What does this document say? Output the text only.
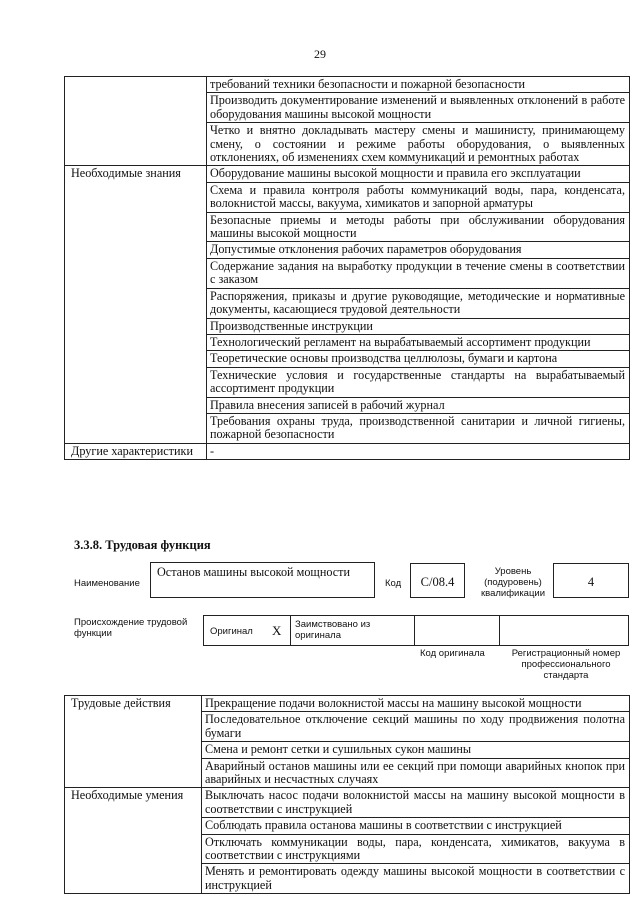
29
	требований техники безопасности и пожарной безопасности
	Производить документирование изменений и выявленных отклонений в работе оборудования машины высокой мощности
	Четко и внятно докладывать мастеру смены и машинисту, принимающему смену, о состоянии и режиме работы оборудования, о выявленных отклонениях, об изменениях схем коммуникаций и ремонтных работах
Необходимые знания	Оборудование машины высокой мощности и правила его эксплуатации
	Схема и правила контроля работы коммуникаций воды, пара, конденсата, волокнистой массы, вакуума, химикатов и запорной арматуры
	Безопасные приемы и методы работы при обслуживании оборудования машины высокой мощности
	Допустимые отклонения рабочих параметров оборудования
	Содержание задания на выработку продукции в течение смены в соответствии с заказом
	Распоряжения, приказы и другие руководящие, методические и нормативные документы, касающиеся трудовой деятельности
	Производственные инструкции
	Технологический регламент на вырабатываемый ассортимент продукции
	Теоретические основы производства целлюлозы, бумаги и картона
	Технические условия и государственные стандарты на вырабатываемый ассортимент продукции
	Правила внесения записей в рабочий журнал
	Требования охраны труда, производственной санитарии и личной гигиены, пожарной безопасности
Другие характеристики	-
3.3.8. Трудовая функция
Наименование
Останов машины высокой мощности
Код	C/08.4
Уровень (подуровень) квалификации
4
Происхождение трудовой функции	Оригинал X Заимствовано из оригинала
Код оригинала	Регистрационный номер профессионального стандарта
Трудовые действия	Прекращение подачи волокнистой массы на машину высокой мощности
	Последовательное отключение секций машины по ходу продвижения полотна бумаги
	Смена и ремонт сетки и сушильных сукон машины
	Аварийный останов машины или ее секций при помощи аварийных кнопок при аварийных и несчастных случаях
Необходимые умения	Выключать насос подачи волокнистой массы на машину высокой мощности в соответствии с инструкцией
	Соблюдать правила останова машины в соответствии с инструкцией
	Отключать коммуникации воды, пара, конденсата, химикатов, вакуума в соответствии с инструкциями
	Менять и ремонтировать одежду машины высокой мощности в соответствии с инструкцией
